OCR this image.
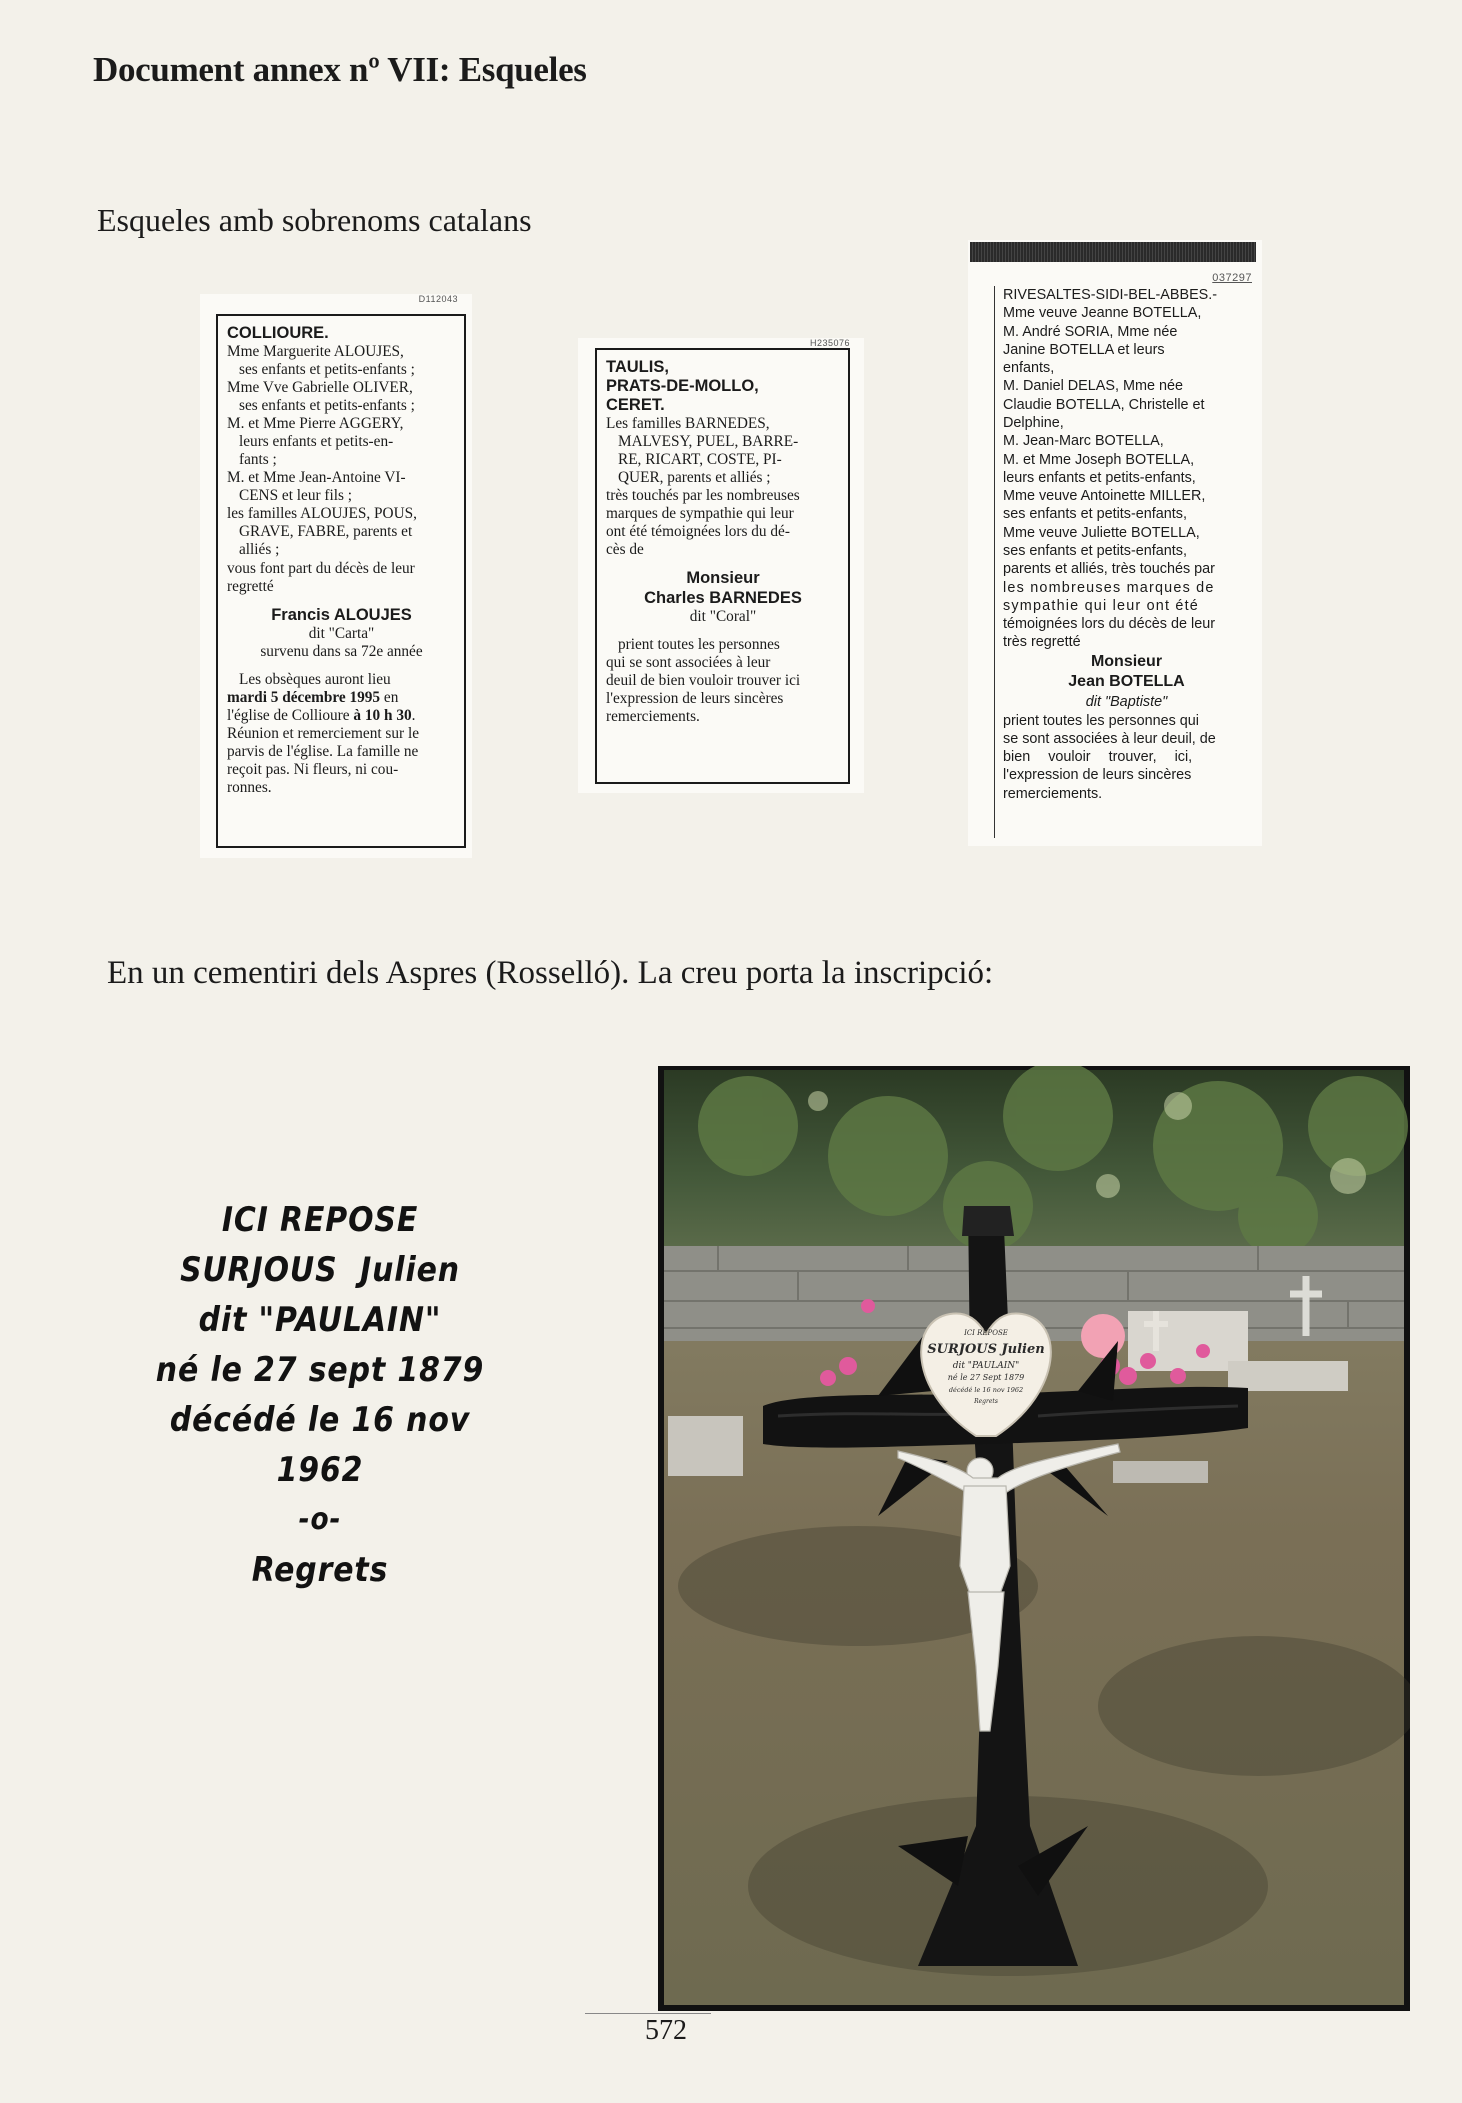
Document annex nº VII: Esqueles
Esqueles amb sobrenoms catalans
D112043
COLLIOURE.
Mme Marguerite ALOUJES,
ses enfants et petits-enfants ;
Mme Vve Gabrielle OLIVER,
ses enfants et petits-enfants ;
M. et Mme Pierre AGGERY,
leurs enfants et petits-en-
fants ;
M. et Mme Jean-Antoine VI-
CENS et leur fils ;
les familles ALOUJES, POUS,
GRAVE, FABRE, parents et
alliés ;
vous font part du décès de leur
regretté
Francis ALOUJES
dit "Carta"
survenu dans sa 72e année
Les obsèques auront lieu
mardi 5 décembre 1995 en
l'église de Collioure à 10 h 30.
Réunion et remerciement sur le
parvis de l'église. La famille ne
reçoit pas. Ni fleurs, ni cou-
ronnes.
H235076
TAULIS,
PRATS-DE-MOLLO,
CERET.
Les familles BARNEDES,
MALVESY, PUEL, BARRE-
RE, RICART, COSTE, PI-
QUER, parents et alliés ;
très touchés par les nombreuses
marques de sympathie qui leur
ont été témoignées lors du dé-
cès de
Monsieur
Charles BARNEDES
dit "Coral"
prient toutes les personnes
qui se sont associées à leur
deuil de bien vouloir trouver ici
l'expression de leurs sincères
remerciements.
037297
RIVESALTES-SIDI-BEL-ABBES.-
Mme veuve Jeanne BOTELLA,
M. André SORIA, Mme née
Janine BOTELLA et leurs
enfants,
M. Daniel DELAS, Mme née
Claudie BOTELLA, Christelle et
Delphine,
M. Jean-Marc BOTELLA,
M. et Mme Joseph BOTELLA,
leurs enfants et petits-enfants,
Mme veuve Antoinette MILLER,
ses enfants et petits-enfants,
Mme veuve Juliette BOTELLA,
ses enfants et petits-enfants,
parents et alliés, très touchés par
les nombreuses marques de
sympathie qui leur ont été
témoignées lors du décès de leur
très regretté
Monsieur
Jean BOTELLA
dit "Baptiste"
prient toutes les personnes qui
se sont associées à leur deuil, de
bien vouloir trouver, ici,
l'expression de leurs sincères
remerciements.
En un cementiri dels Aspres (Rosselló). La creu porta la inscripció:
ICI REPOSE
SURJOUS  Julien
dit "PAULAIN"
né le 27 sept 1879
décédé le 16 nov 1962
-o-
Regrets
ICI REPOSE
SURJOUS Julien
dit "PAULAIN"
né le 27 Sept 1879
décédé le 16 nov 1962
Regrets
572
